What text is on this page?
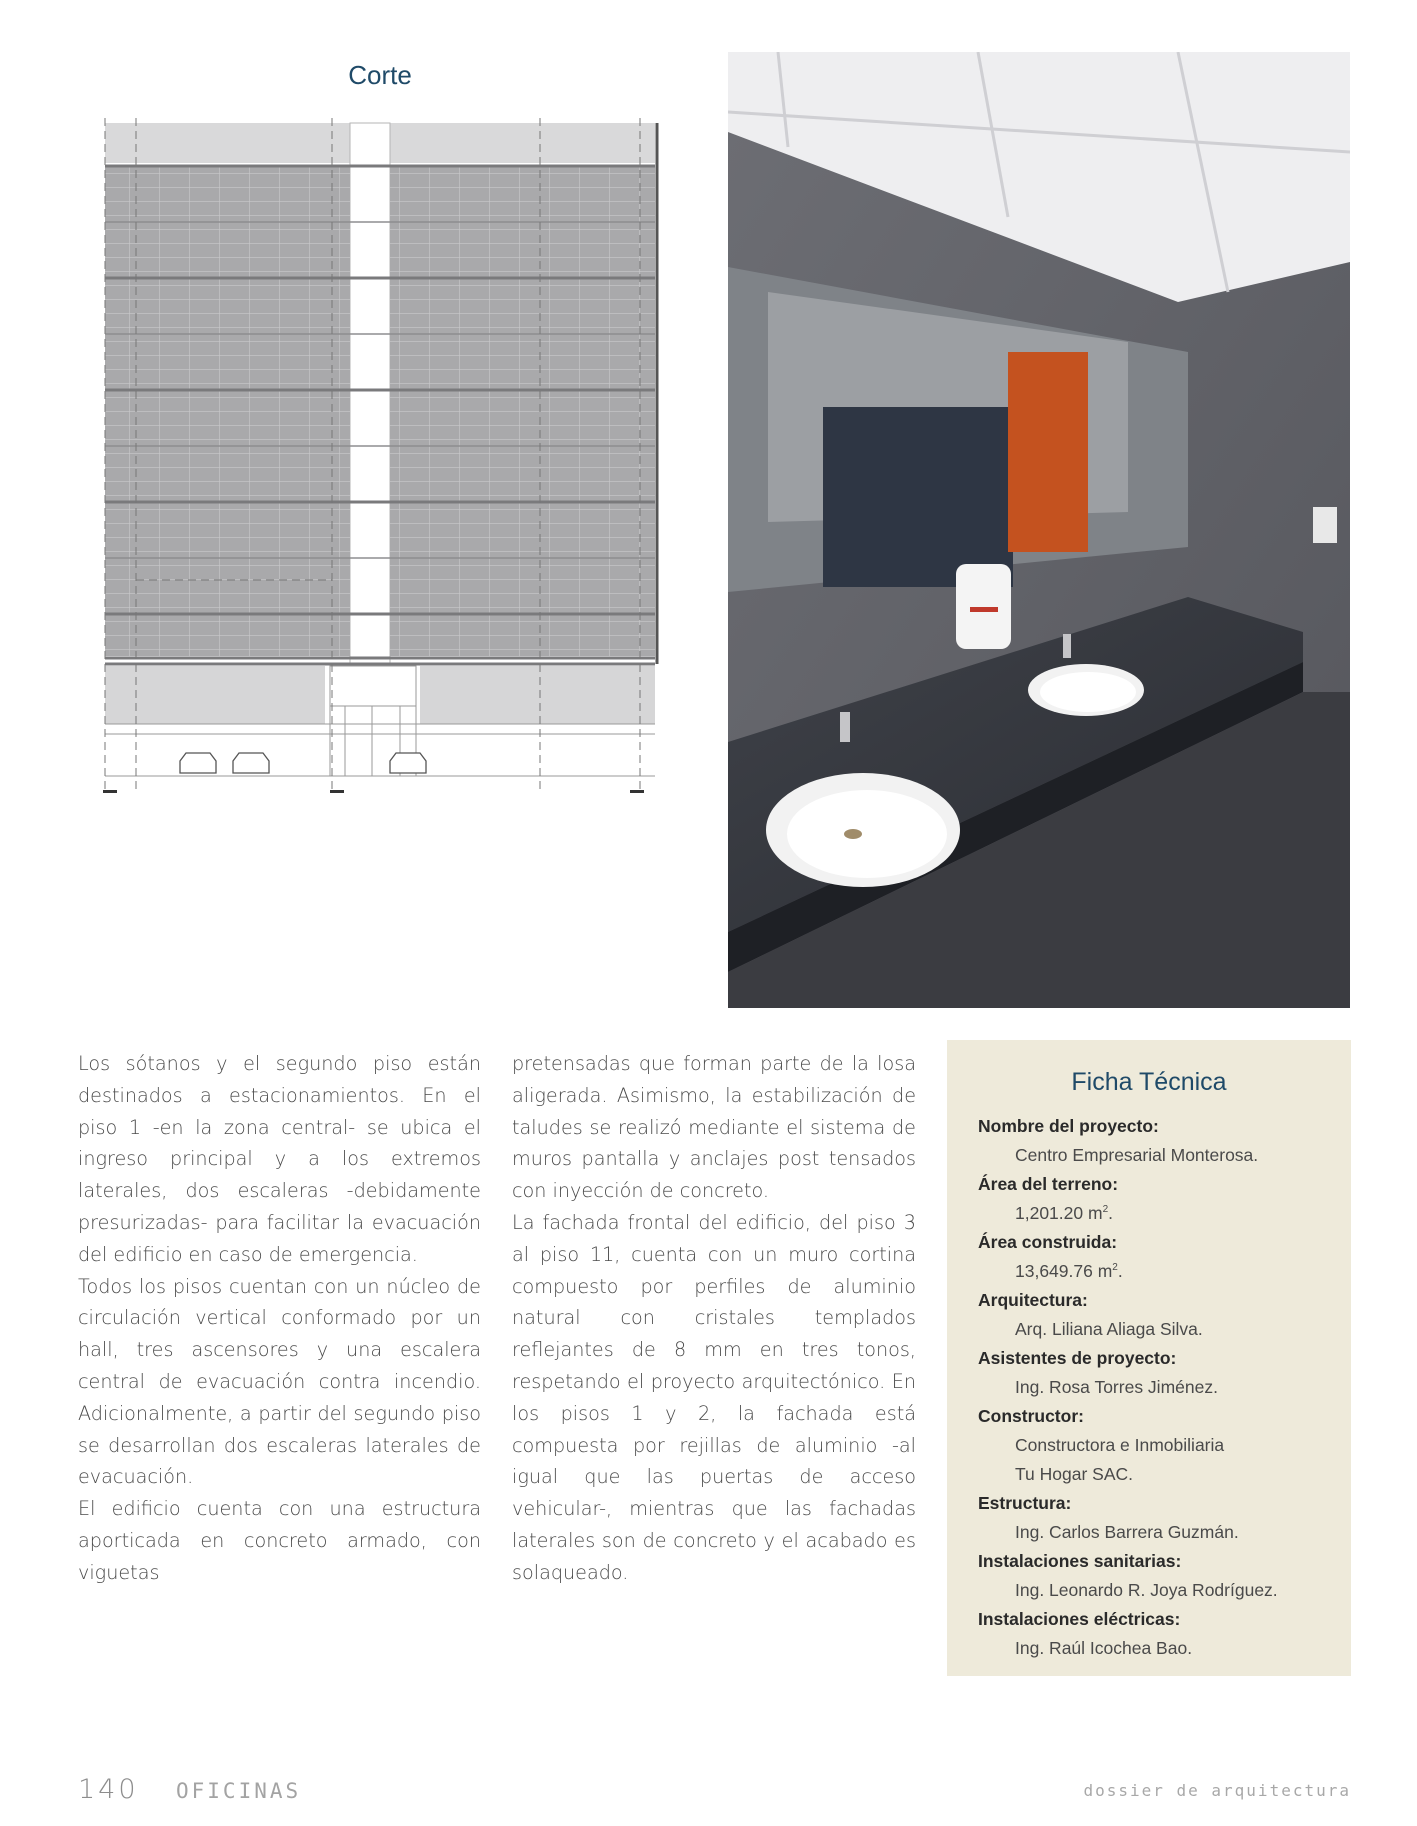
Corte

Los sótanos y el segundo piso están destinados a estacionamientos. En el piso 1 -en la zona central- se ubica el ingreso principal y a los extremos laterales, dos escaleras -debidamente presurizadas- para facilitar la evacuación del edificio en caso de emergencia.

Todos los pisos cuentan con un núcleo de circulación vertical conformado por un hall, tres ascensores y una escalera central de evacuación contra incendio. Adicionalmente, a partir del segundo piso se desarrollan dos escaleras laterales de evacuación.

El edificio cuenta con una estructura aporticada en concreto armado, con viguetas

pretensadas que forman parte de la losa aligerada. Asimismo, la estabilización de taludes se realizó mediante el sistema de muros pantalla y anclajes post tensados con inyección de concreto.

La fachada frontal del edificio, del piso 3 al piso 11, cuenta con un muro cortina compuesto por perfiles de aluminio natural con cristales templados reflejantes de 8 mm en tres tonos, respetando el proyecto arquitectónico. En los pisos 1 y 2, la fachada está compuesta por rejillas de aluminio -al igual que las puertas de acceso vehicular-, mientras que las fachadas laterales son de concreto y el acabado es solaqueado.

Ficha Técnica
Nombre del proyecto:
Centro Empresarial Monterosa.
Área del terreno:
1,201.20 $m^2$.
Área construida:
13,649.76 $m^2$.
Arquitectura:
Arq. Liliana Aliaga Silva.
Asistentes de proyecto:
Ing. Rosa Torres Jiménez.
Constructor:
Constructora e Inmobiliaria
Tu Hogar SAC.
Estructura:
Ing. Carlos Barrera Guzmán.
Instalaciones sanitarias:
Ing. Leonardo R. Joya Rodríguez.
Instalaciones eléctricas:
Ing. Raúl Icochea Bao.
140 OFICINAS	dossier de arquitectura
